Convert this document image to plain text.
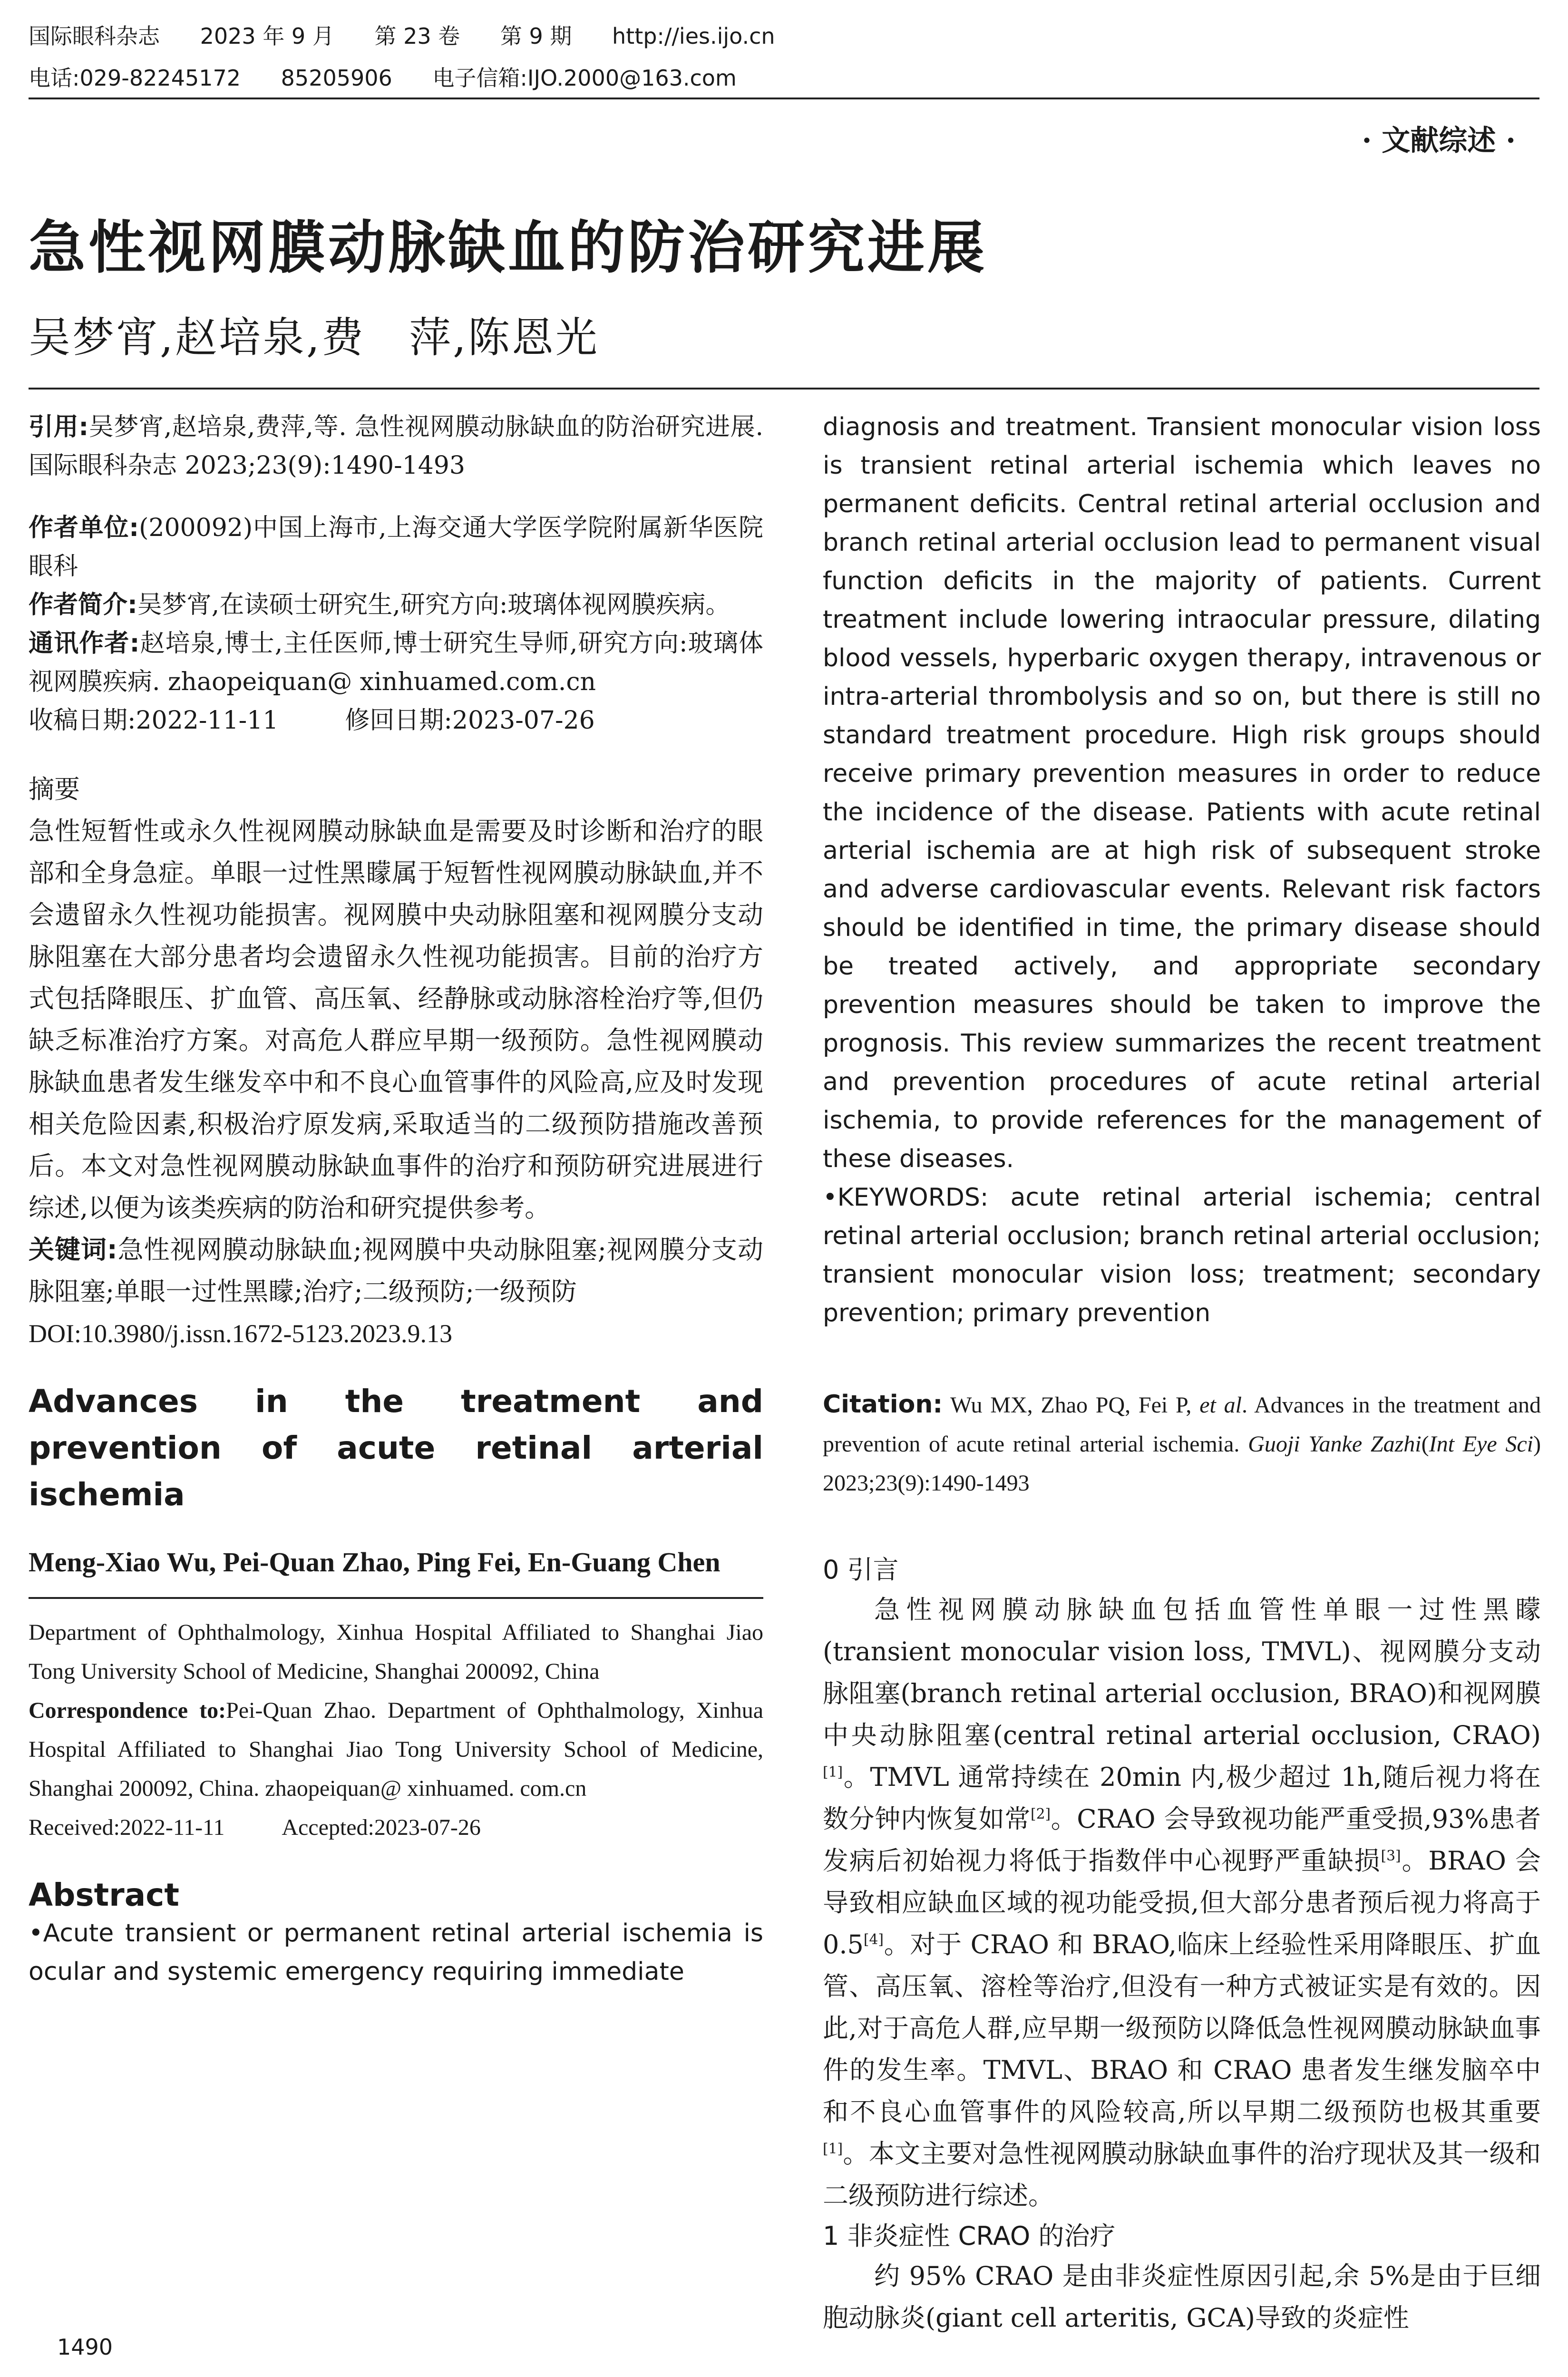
国际眼科杂志 2023 年 9 月 第 23 卷 第 9 期 http://ies.ijo.cn
电话:029-82245172 85205906 电子信箱:IJO.2000@163.com
· 文献综述 ·
急性视网膜动脉缺血的防治研究进展
吴梦宵,赵培泉,费　萍,陈恩光

引用:吴梦宵,赵培泉,费萍,等. 急性视网膜动脉缺血的防治研究进展. 国际眼科杂志 2023;23(9):1490-1493

作者单位:(200092)中国上海市,上海交通大学医学院附属新华医院眼科

作者简介:吴梦宵,在读硕士研究生,研究方向:玻璃体视网膜疾病。

通讯作者:赵培泉,博士,主任医师,博士研究生导师,研究方向:玻璃体视网膜疾病. zhaopeiquan@ xinhuamed.com.cn

收稿日期:2022-11-11	修回日期:2023-07-26

摘要
急性短暂性或永久性视网膜动脉缺血是需要及时诊断和治疗的眼部和全身急症。单眼一过性黑矇属于短暂性视网膜动脉缺血,并不会遗留永久性视功能损害。视网膜中央动脉阻塞和视网膜分支动脉阻塞在大部分患者均会遗留永久性视功能损害。目前的治疗方式包括降眼压、扩血管、高压氧、经静脉或动脉溶栓治疗等,但仍缺乏标准治疗方案。对高危人群应早期一级预防。急性视网膜动脉缺血患者发生继发卒中和不良心血管事件的风险高,应及时发现相关危险因素,积极治疗原发病,采取适当的二级预防措施改善预后。本文对急性视网膜动脉缺血事件的治疗和预防研究进展进行综述,以便为该类疾病的防治和研究提供参考。
关键词:急性视网膜动脉缺血;视网膜中央动脉阻塞;视网膜分支动脉阻塞;单眼一过性黑矇;治疗;二级预防;一级预防
DOI:10.3980/j.issn.1672-5123.2023.9.13
Advances in the treatment and prevention of acute retinal arterial ischemia
Meng-Xiao Wu, Pei-Quan Zhao, Ping Fei, En-Guang Chen
Department of Ophthalmology, Xinhua Hospital Affiliated to Shanghai Jiao Tong University School of Medicine, Shanghai 200092, China
Correspondence to:Pei-Quan Zhao. Department of Ophthalmology, Xinhua Hospital Affiliated to Shanghai Jiao Tong University School of Medicine, Shanghai 200092, China. zhaopeiquan@ xinhuamed. com.cn
Received:2022-11-11	Accepted:2023-07-26
Abstract
• Acute transient or permanent retinal arterial ischemia is ocular and systemic emergency requiring immediate
diagnosis and treatment. Transient monocular vision loss is transient retinal arterial ischemia which leaves no permanent deficits. Central retinal arterial occlusion and branch retinal arterial occlusion lead to permanent visual function deficits in the majority of patients. Current treatment include lowering intraocular pressure, dilating blood vessels, hyperbaric oxygen therapy, intravenous or intra-arterial thrombolysis and so on, but there is still no standard treatment procedure. High risk groups should receive primary prevention measures in order to reduce the incidence of the disease. Patients with acute retinal arterial ischemia are at high risk of subsequent stroke and adverse cardiovascular events. Relevant risk factors should be identified in time, the primary disease should be treated actively, and appropriate secondary prevention measures should be taken to improve the prognosis. This review summarizes the recent treatment and prevention procedures of acute retinal arterial ischemia, to provide references for the management of these diseases.
• KEYWORDS: acute retinal arterial ischemia; central retinal arterial occlusion; branch retinal arterial occlusion; transient monocular vision loss; treatment; secondary prevention; primary prevention
Citation: Wu MX, Zhao PQ, Fei P, et al. Advances in the treatment and prevention of acute retinal arterial ischemia. Guoji Yanke Zazhi(Int Eye Sci) 2023;23(9):1490-1493
0 引言
急性视网膜动脉缺血包括血管性单眼一过性黑矇(transient monocular vision loss, TMVL)、视网膜分支动脉阻塞(branch retinal arterial occlusion, BRAO)和视网膜中央动脉阻塞(central retinal arterial occlusion, CRAO)[1]。TMVL 通常持续在 20min 内,极少超过 1h,随后视力将在数分钟内恢复如常[2]。CRAO 会导致视功能严重受损,93%患者发病后初始视力将低于指数伴中心视野严重缺损[3]。BRAO 会导致相应缺血区域的视功能受损,但大部分患者预后视力将高于 0.5[4]。对于 CRAO 和 BRAO,临床上经验性采用降眼压、扩血管、高压氧、溶栓等治疗,但没有一种方式被证实是有效的。因此,对于高危人群,应早期一级预防以降低急性视网膜动脉缺血事件的发生率。TMVL、BRAO 和 CRAO 患者发生继发脑卒中和不良心血管事件的风险较高,所以早期二级预防也极其重要[1]。本文主要对急性视网膜动脉缺血事件的治疗现状及其一级和二级预防进行综述。
1 非炎症性 CRAO 的治疗
约 95% CRAO 是由非炎症性原因引起,余 5%是由于巨细胞动脉炎(giant cell arteritis, GCA)导致的炎症性
1490
